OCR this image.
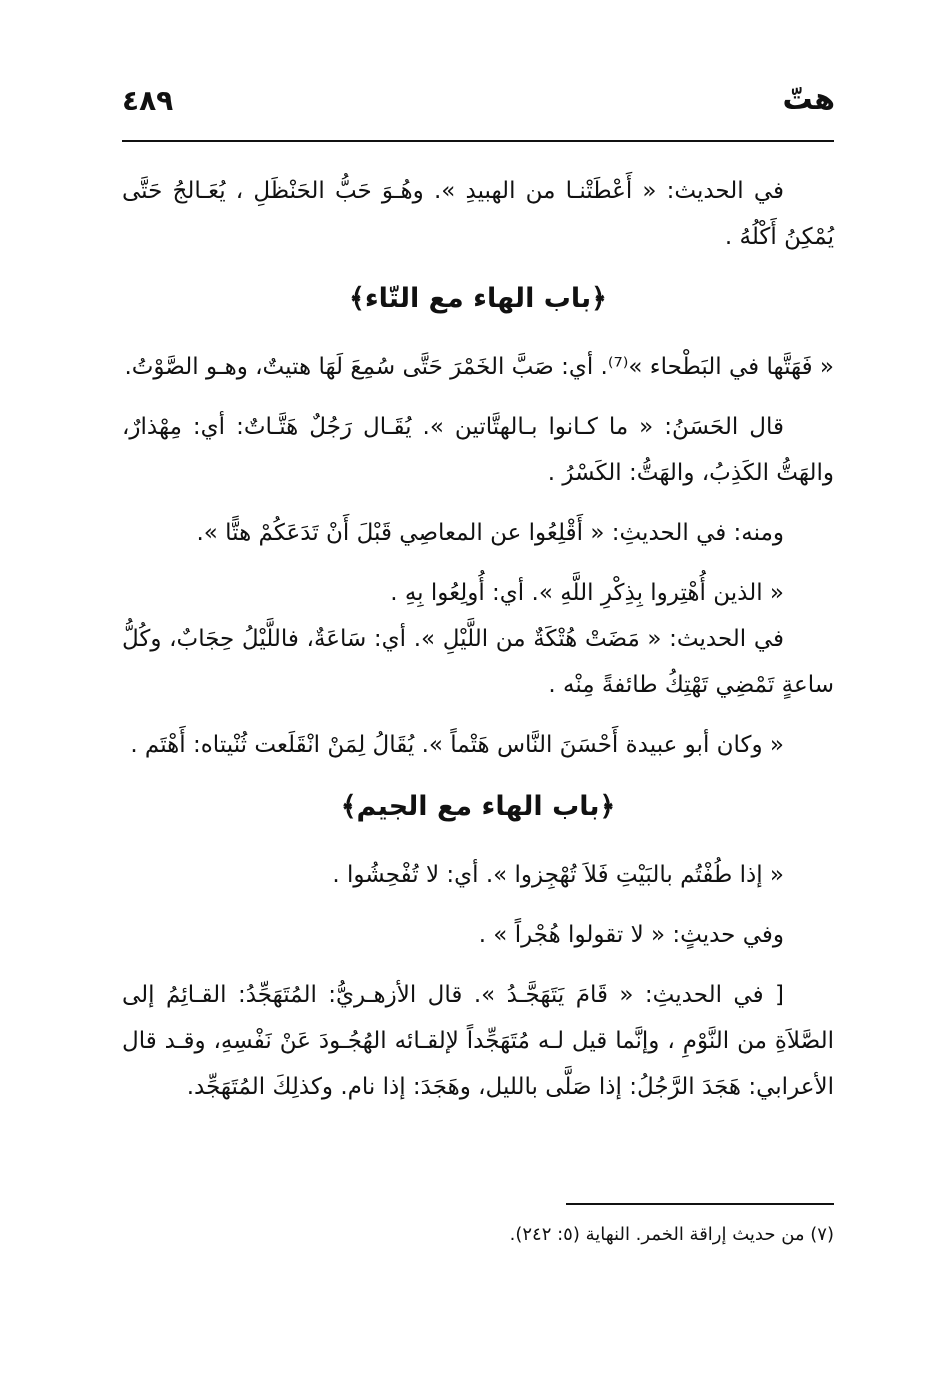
هتّ
٤٨٩

في الحديث: « أَعْطَتْنـا من الهبيدِ ». وهُـوَ حَبُّ الحَنْظَلِ ، يُعَـالجُ حَتَّى يُمْكِنُ أَكْلُهُ .

﴿باب الهاء مع التّاء﴾

« فَهَتَّها في البَطْحاء »⁽⁷⁾. أي: صَبَّ الخَمْرَ حَتَّى سُمِعَ لَهَا هتيتٌ، وهـو الصَّوْتُ.

قال الحَسَنُ: « ما كـانوا بـالهتَّاتين ». يُقَـال رَجُلٌ هَتَّـاتٌ: أي: مِهْذارٌ، والهَتُّ الكَذِبُ، والهَتُّ: الكَسْرُ .

ومنه: في الحديثِ: « أَقْلِعُوا عن المعاصِي قَبْلَ أَنْ تَدَعَكُمْ هتًّا ».

« الذين أُهْتِروا بِذِكْرِ اللَّهِ ». أي: أُولِعُوا بِهِ .

في الحديث: « مَضَتْ هُتْكَةٌ من اللَّيْلِ ». أي: سَاعَةٌ، فاللَّيْلُ حِجَابٌ، وكُلُّ ساعةٍ تَمْضِي تَهْتِكُ طائفةً مِنْه .

« وكان أبو عبيدة أَحْسَنَ النَّاس هَتْماً ». يُقَالُ لِمَنْ انْقَلَعت ثُنْيتاه: أَهْتَم .

﴿باب الهاء مع الجيم﴾

« إذا طُفْتُم بالبَيْتِ فَلاَ تُهْجِزوا ». أي: لا تُفْحِشُوا .

وفي حديثٍ: « لا تقولوا هُجْراً » .

[ في الحديثِ: « قَامَ يَتَهَجَّـدُ ». قال الأزهـريُّ: المُتَهَجِّدُ: القـائِمُ إلى الصَّلاَةِ من النَّوْمِ ، وإنَّما قيل لـه مُتَهَجِّداً لإلقـائه الهُجُـودَ عَنْ نَفْسِهِ، وقـد قال الأعرابي: هَجَدَ الرَّجُلُ: إذا صَلَّى بالليل، وهَجَدَ: إذا نام. وكذلِكَ المُتَهَجِّد.

(٧) من حديث إراقة الخمر. النهاية (٥: ٢٤٢).
